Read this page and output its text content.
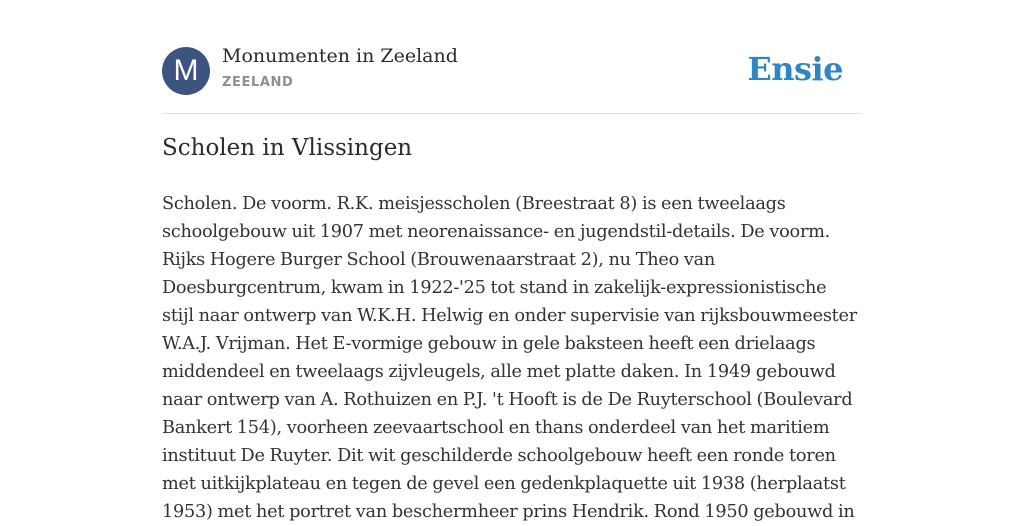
M	Monumenten in Zeeland
ZEELAND	Ensie
Scholen in Vlissingen

Scholen. De voorm. R.K. meisjesscholen (Breestraat 8) is een tweelaags schoolgebouw uit 1907 met neorenaissance- en jugendstil-details. De voorm. Rijks Hogere Burger School (Brouwenaarstraat 2), nu Theo van Doesburgcentrum, kwam in 1922-'25 tot stand in zakelijk-expressionistische stijl naar ontwerp van W.K.H. Helwig en onder supervisie van rijksbouwmeester W.A.J. Vrijman. Het E-vormige gebouw in gele baksteen heeft een drielaags middendeel en tweelaags zijvleugels, alle met platte daken. In 1949 gebouwd naar ontwerp van A. Rothuizen en P.J. 't Hooft is de De Ruyterschool (Boulevard Bankert 154), voorheen zeevaartschool en thans onderdeel van het maritiem instituut De Ruyter. Dit wit geschilderde schoolgebouw heeft een ronde toren met uitkijkplateau en tegen de gevel een gedenkplaquette uit 1938 (herplaatst 1953) met het portret van beschermheer prins Hendrik. Rond 1950 gebouwd in
